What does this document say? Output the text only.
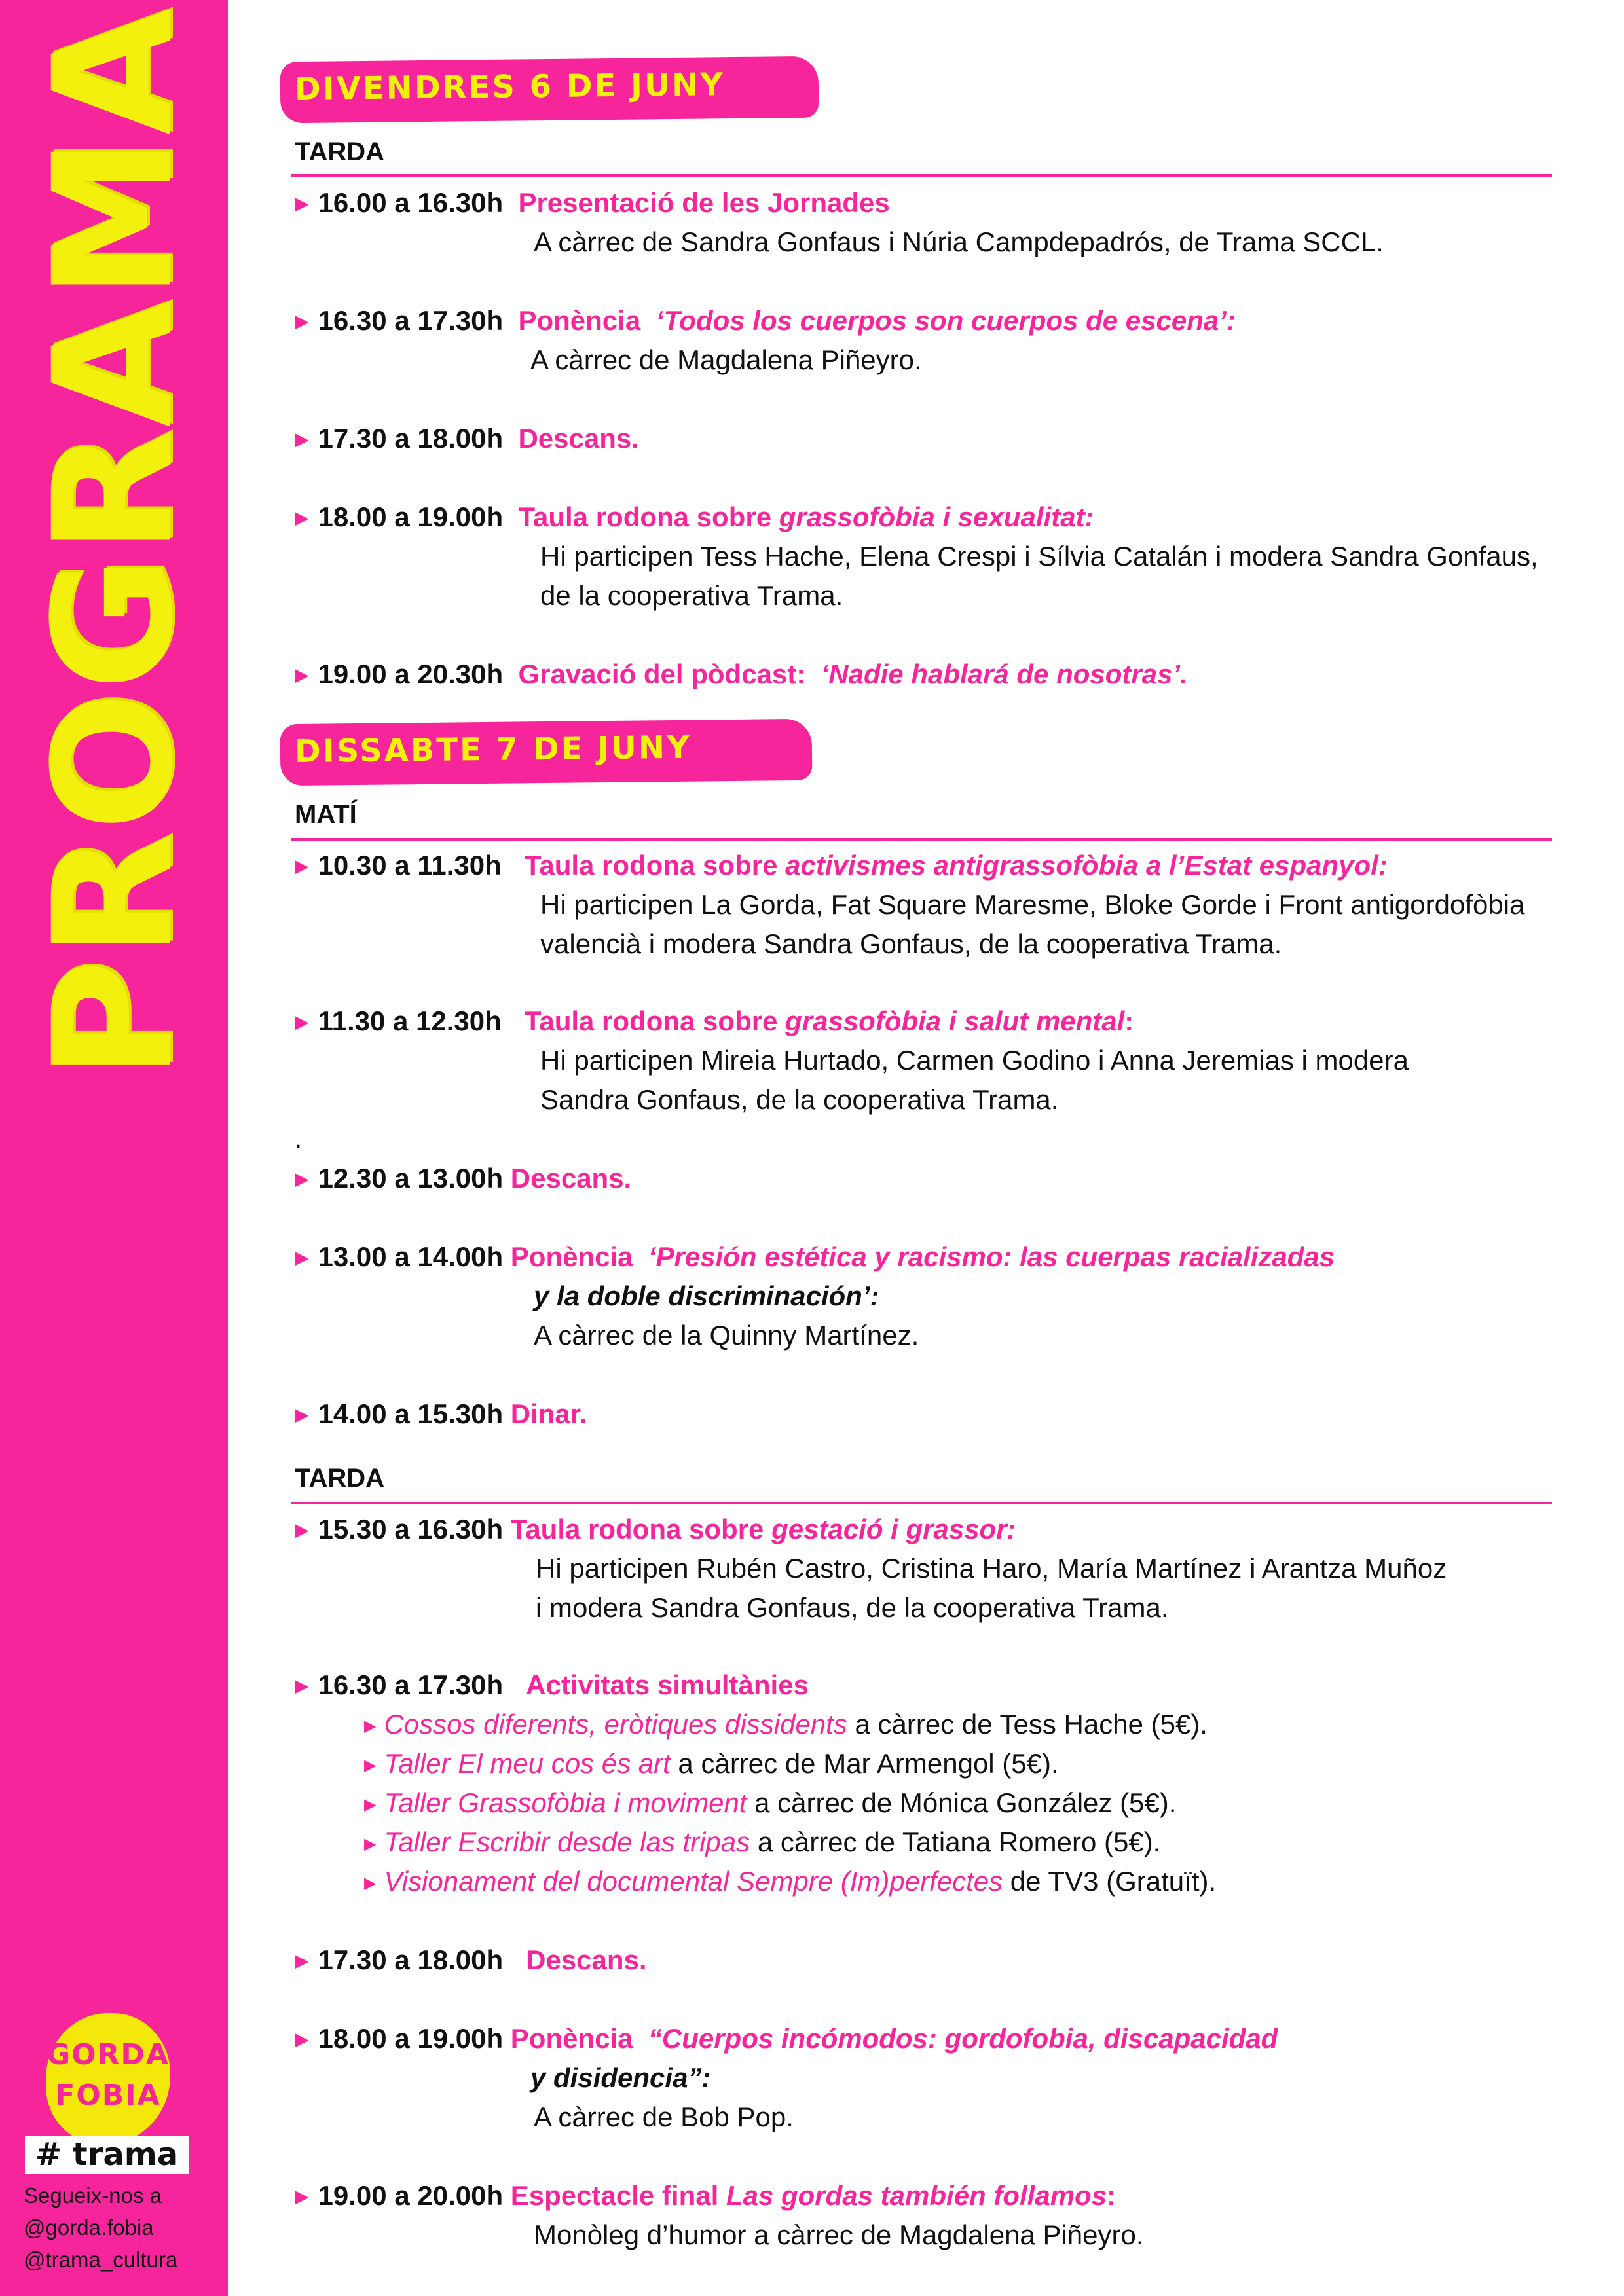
PROGRAMA
GORDA
FOBIA
# trama
Segueix-nos a
@gorda.fobia
@trama_cultura
DIVENDRES 6 DE JUNY
TARDA
▶ 16.00 a 16.30h Presentació de les Jornades
A càrrec de Sandra Gonfaus i Núria Campdepadrós, de Trama SCCL.
▶ 16.30 a 17.30h Ponència ‘Todos los cuerpos son cuerpos de escena’:
A càrrec de Magdalena Piñeyro.
▶ 17.30 a 18.00h Descans.
▶ 18.00 a 19.00h Taula rodona sobre grassofòbia i sexualitat:
Hi participen Tess Hache, Elena Crespi i Sílvia Catalán i modera Sandra Gonfaus,
de la cooperativa Trama.
▶ 19.00 a 20.30h Gravació del pòdcast: ‘Nadie hablará de nosotras’.
DISSABTE 7 DE JUNY
MATÍ
▶ 10.30 a 11.30h Taula rodona sobre activismes antigrassofòbia a l’Estat espanyol:
Hi participen La Gorda, Fat Square Maresme, Bloke Gorde i Front antigordofòbia
valencià i modera Sandra Gonfaus, de la cooperativa Trama.
▶ 11.30 a 12.30h Taula rodona sobre grassofòbia i salut mental:
Hi participen Mireia Hurtado, Carmen Godino i Anna Jeremias i modera
Sandra Gonfaus, de la cooperativa Trama.
.
▶ 12.30 a 13.00h Descans.
▶ 13.00 a 14.00h Ponència ‘Presión estética y racismo: las cuerpas racializadas
y la doble discriminación’:
A càrrec de la Quinny Martínez.
▶ 14.00 a 15.30h Dinar.
TARDA
▶ 15.30 a 16.30h Taula rodona sobre gestació i grassor:
Hi participen Rubén Castro, Cristina Haro, María Martínez i Arantza Muñoz
i modera Sandra Gonfaus, de la cooperativa Trama.
▶ 16.30 a 17.30h Activitats simultànies
▶ Cossos diferents, eròtiques dissidents a càrrec de Tess Hache (5€).
▶ Taller El meu cos és art a càrrec de Mar Armengol (5€).
▶ Taller Grassofòbia i moviment a càrrec de Mónica González (5€).
▶ Taller Escribir desde las tripas a càrrec de Tatiana Romero (5€).
▶ Visionament del documental Sempre (Im)perfectes de TV3 (Gratuït).
▶ 17.30 a 18.00h Descans.
▶ 18.00 a 19.00h Ponència “Cuerpos incómodos: gordofobia, discapacidad
y disidencia”:
A càrrec de Bob Pop.
▶ 19.00 a 20.00h Espectacle final Las gordas también follamos:
Monòleg d’humor a càrrec de Magdalena Piñeyro.
